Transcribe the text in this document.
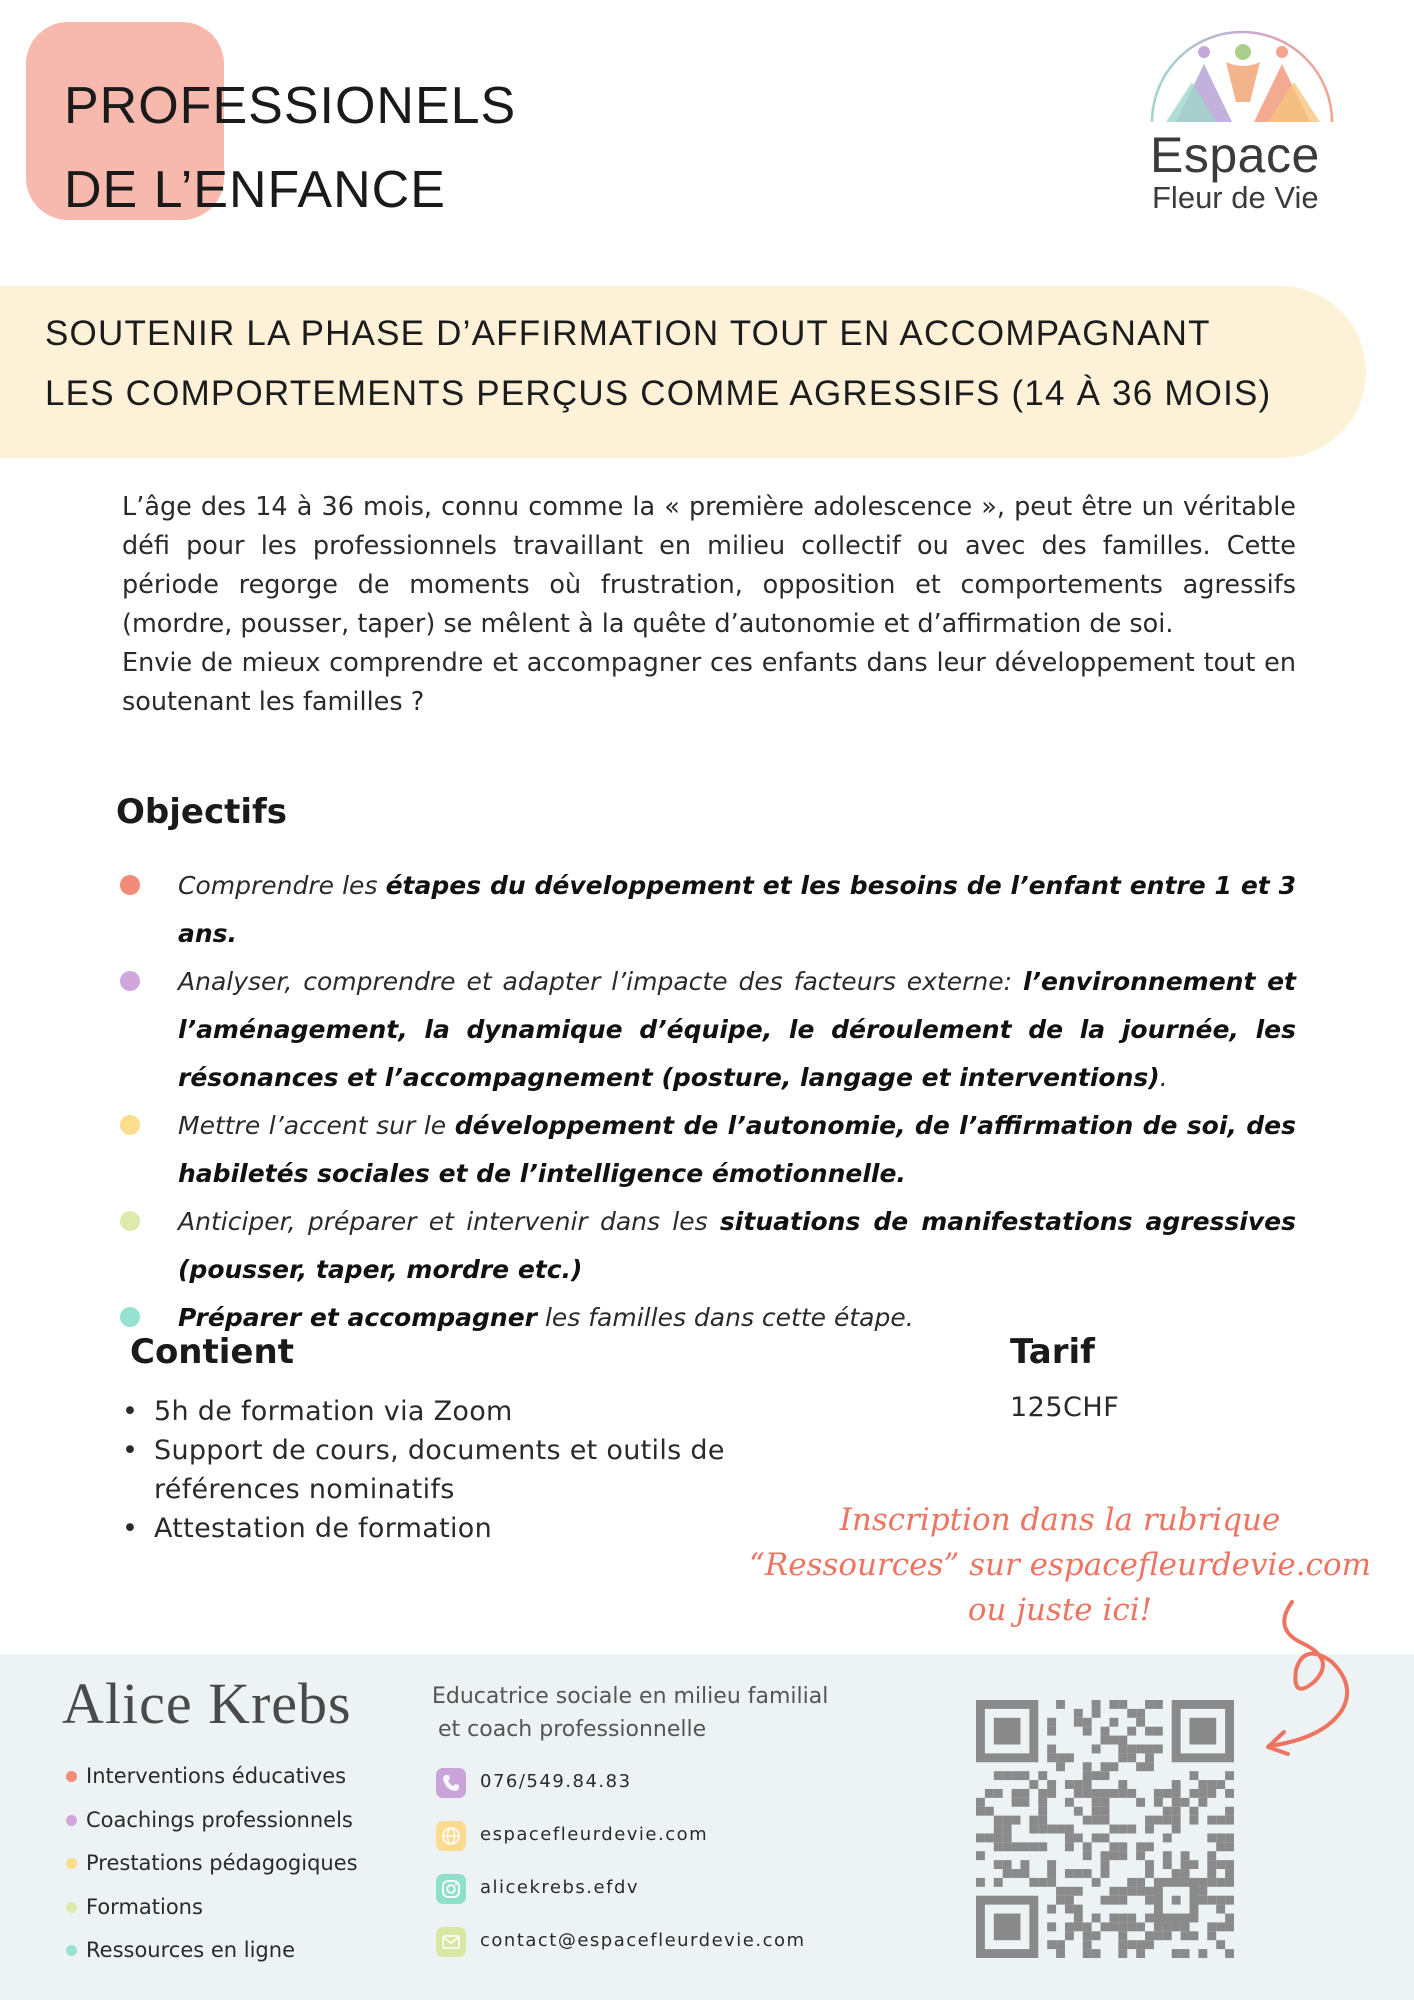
PROFESSIONELS
DE L’ENFANCE
Espace
Fleur de Vie
SOUTENIR LA PHASE D’AFFIRMATION TOUT EN ACCOMPAGNANT
LES COMPORTEMENTS PERÇUS COMME AGRESSIFS (14 À 36 MOIS)

L’âge des 14 à 36 mois, connu comme la « première adolescence », peut être un véritable défi pour les professionnels travaillant en milieu collectif ou avec des familles. Cette période regorge de moments où frustration, opposition et comportements agressifs (mordre, pousser, taper) se mêlent à la quête d’autonomie et d’affirmation de soi.

Envie de mieux comprendre et accompagner ces enfants dans leur développement tout en soutenant les familles ?

Objectifs
Comprendre les étapes du développement et les besoins de l’enfant entre 1 et 3 ans.
Analyser, comprendre et adapter l’impacte des facteurs externe: l’environnement et l’aménagement, la dynamique d’équipe, le déroulement de la journée, les résonances et l’accompagnement (posture, langage et interventions).
Mettre l’accent sur le développement de l’autonomie, de l’affirmation de soi, des habiletés sociales et de l’intelligence émotionnelle.
Anticiper, préparer et intervenir dans les situations de manifestations agressives (pousser, taper, mordre etc.)
Préparer et accompagner les familles dans cette étape.
Contient
• 5h de formation via Zoom
• Support de cours, documents et outils de références nominatifs
• Attestation de formation
Tarif
125CHF
Inscription dans la rubrique
“Ressources” sur espacefleurdevie.com
ou juste ici!
Alice Krebs
Interventions éducatives
Coachings professionnels
Prestations pédagogiques
Formations
Ressources en ligne
Educatrice sociale en milieu familial
et coach professionnelle
076/549.84.83
espacefleurdevie.com
alicekrebs.efdv
contact@espacefleurdevie.com
